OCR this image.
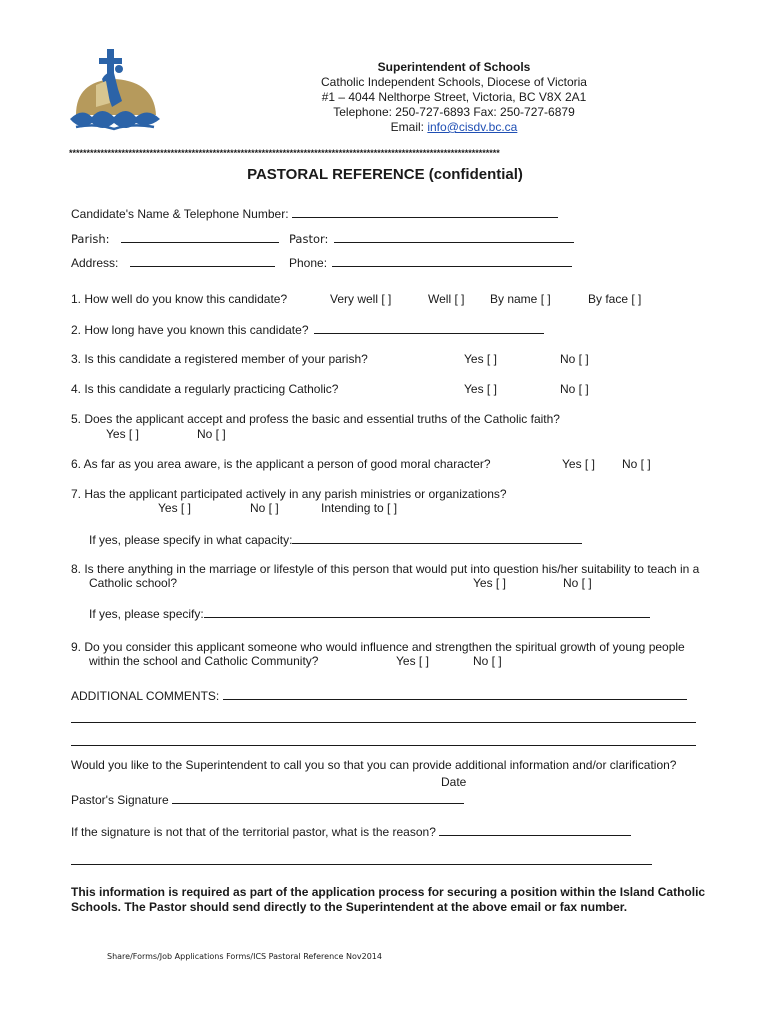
Superintendent of Schools
Catholic Independent Schools, Diocese of Victoria
#1 – 4044 Nelthorpe Street, Victoria, BC V8X 2A1
Telephone: 250-727-6893 Fax: 250-727-6879
Email: info@cisdv.bc.ca
***************************************************************************************************************************
PASTORAL REFERENCE (confidential)
Candidate's Name & Telephone Number:
Parish:	Pastor:
Address:	Phone:
1. How well do you know this candidate?	Very well [ ]	Well [ ] By name [ ]	By face [ ]
2. How long have you known this candidate?
3. Is this candidate a registered member of your parish?	Yes [ ]	No [ ]
4. Is this candidate a regularly practicing Catholic?	Yes [ ]	No [ ]
5. Does the applicant accept and profess the basic and essential truths of the Catholic faith?
Yes [ ]	No [ ]
6. As far as you area aware, is the applicant a person of good moral character?	Yes [ ] No [ ]
7. Has the applicant participated actively in any parish ministries or organizations?
Yes [ ]	No [ ]	Intending to [ ]
If yes, please specify in what capacity:
8. Is there anything in the marriage or lifestyle of this person that would put into question his/her suitability to teach in a
Catholic school?	Yes [ ]	No [ ]
If yes, please specify:
9. Do you consider this applicant someone who would influence and strengthen the spiritual growth of young people
within the school and Catholic Community?	Yes [ ]	No [ ]
ADDITIONAL COMMENTS:
Would you like to the Superintendent to call you so that you can provide additional information and/or clarification?
Date
Pastor's Signature
If the signature is not that of the territorial pastor, what is the reason?
This information is required as part of the application process for securing a position within the Island Catholic Schools. The Pastor should send directly to the Superintendent at the above email or fax number.
Share/Forms/Job Applications Forms/ICS Pastoral Reference Nov2014
